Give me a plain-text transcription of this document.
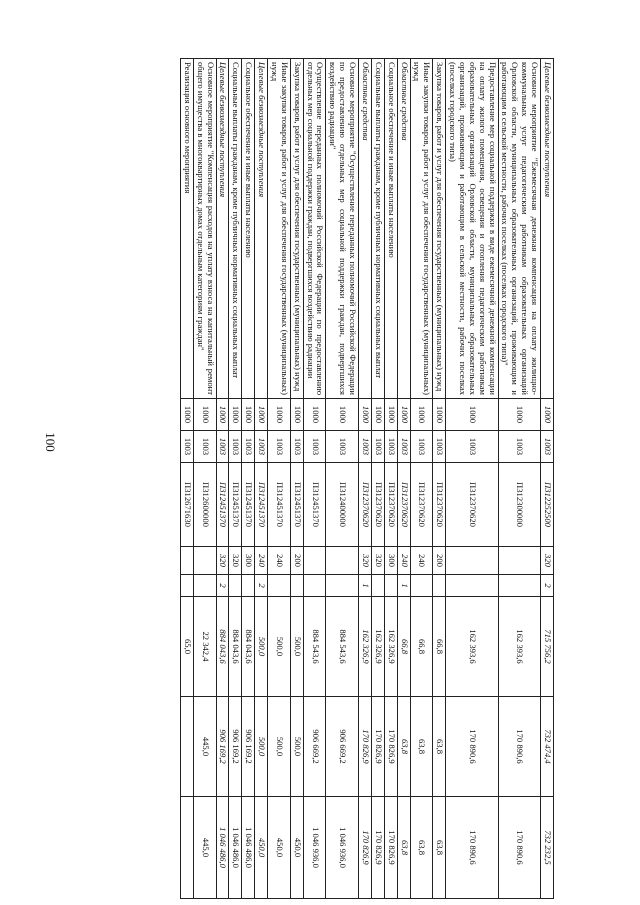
100
Целевые безвозмездные поступления	1000	1003	П312252500	320	2	715 756,2	732 474,4	732 232,5
Основное мероприятие "Ежемесячная денежная компенсация на оплату жилищно-коммунальных услуг педагогическим работникам образовательных организаций Орловской области, муниципальных образовательных организаций, проживающим и работающим в сельской местности, рабочих поселках (поселках городского типа)"	1000	1003	П312300000			162 393,6	170 890,6	170 890,6
Предоставление мер социальной поддержки в виде ежемесячной денежной компенсации на оплату жилого помещения, освещения и отопления педагогическим работникам образовательных организаций Орловской области, муниципальных образовательных организаций, проживающим и работающим в сельской местности, рабочих поселках (поселках городского типа)	1000	1003	П312370620			162 393,6	170 890,6	170 890,6
Закупка товаров, работ и услуг для обеспечения государственных (муниципальных) нужд	1000	1003	П312370620	200		66,8	63,8	63,8
Иные закупки товаров, работ и услуг для обеспечения государственных (муниципальных) нужд	1000	1003	П312370620	240		66,8	63,8	63,8
Областные средства	1000	1003	П312370620	240	1	66,8	63,8	63,8
Социальное обеспечение и иные выплаты населению	1000	1003	П312370620	300		162 326,9	170 826,9	170 826,9
Социальные выплаты гражданам, кроме публичных нормативных социальных выплат	1000	1003	П312370620	320		162 326,9	170 826,9	170 826,9
Областные средства	1000	1003	П312370620	320	1	162 326,9	170 826,9	170 826,9
Основное мероприятие "Осуществление переданных полномочий Российской Федерации по предоставлению отдельных мер социальной поддержки граждан, подвергшихся воздействию радиации"	1000	1003	П312400000			884 543,6	906 669,2	1 046 936,0
Осуществление переданных полномочий Российской Федерации по предоставлению отдельных мер социальной поддержки граждан, подвергшихся воздействию радиации	1000	1003	П312451370			884 543,6	906 669,2	1 046 936,0
Закупка товаров, работ и услуг для обеспечения государственных (муниципальных) нужд	1000	1003	П312451370	200		500,0	500,0	450,0
Иные закупки товаров, работ и услуг для обеспечения государственных (муниципальных) нужд	1000	1003	П312451370	240		500,0	500,0	450,0
Целевые безвозмездные поступления	1000	1003	П312451370	240	2	500,0	500,0	450,0
Социальное обеспечение и иные выплаты населению	1000	1003	П312451370	300		884 043,6	906 169,2	1 046 486,0
Социальные выплаты гражданам, кроме публичных нормативных социальных выплат	1000	1003	П312451370	320		884 043,6	906 169,2	1 046 486,0
Целевые безвозмездные поступления	1000	1003	П312451370	320	2	884 043,6	906 169,2	1 046 486,0
Основное мероприятие "Компенсация расходов на уплату взноса на капитальный ремонт общего имущества в многоквартирных домах отдельным категориям граждан"	1000	1003	П312600000			22 342,4	445,0	445,0
Реализация основного мероприятия	1000	1003	П312671630			65,0		
